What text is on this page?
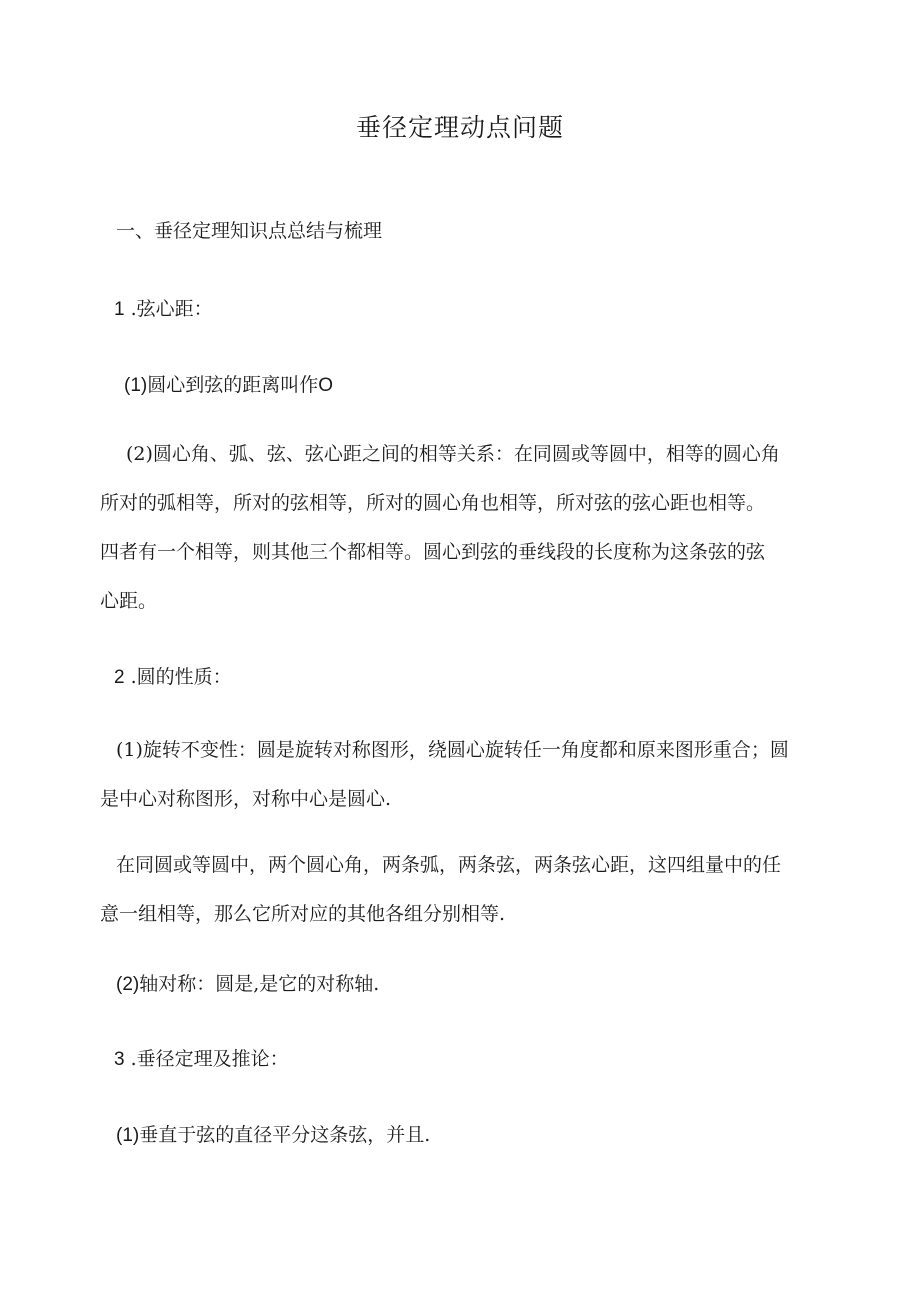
垂径定理动点问题

一、垂径定理知识点总结与梳理

1 .弦心距：

(1)圆心到弦的距离叫作O

(2)圆心角、弧、弦、弦心距之间的相等关系：在同圆或等圆中，相等的圆心角
所对的弧相等，所对的弦相等，所对的圆心角也相等，所对弦的弦心距也相等。
四者有一个相等，则其他三个都相等。圆心到弦的垂线段的长度称为这条弦的弦
心距。

2 .圆的性质：

(1)旋转不变性：圆是旋转对称图形，绕圆心旋转任一角度都和原来图形重合；圆
是中心对称图形，对称中心是圆心.
在同圆或等圆中，两个圆心角，两条弧，两条弦，两条弦心距，这四组量中的任
意一组相等，那么它所对应的其他各组分别相等.

(2)轴对称：圆是,是它的对称轴.

3 .垂径定理及推论：

(1)垂直于弦的直径平分这条弦，并且.
